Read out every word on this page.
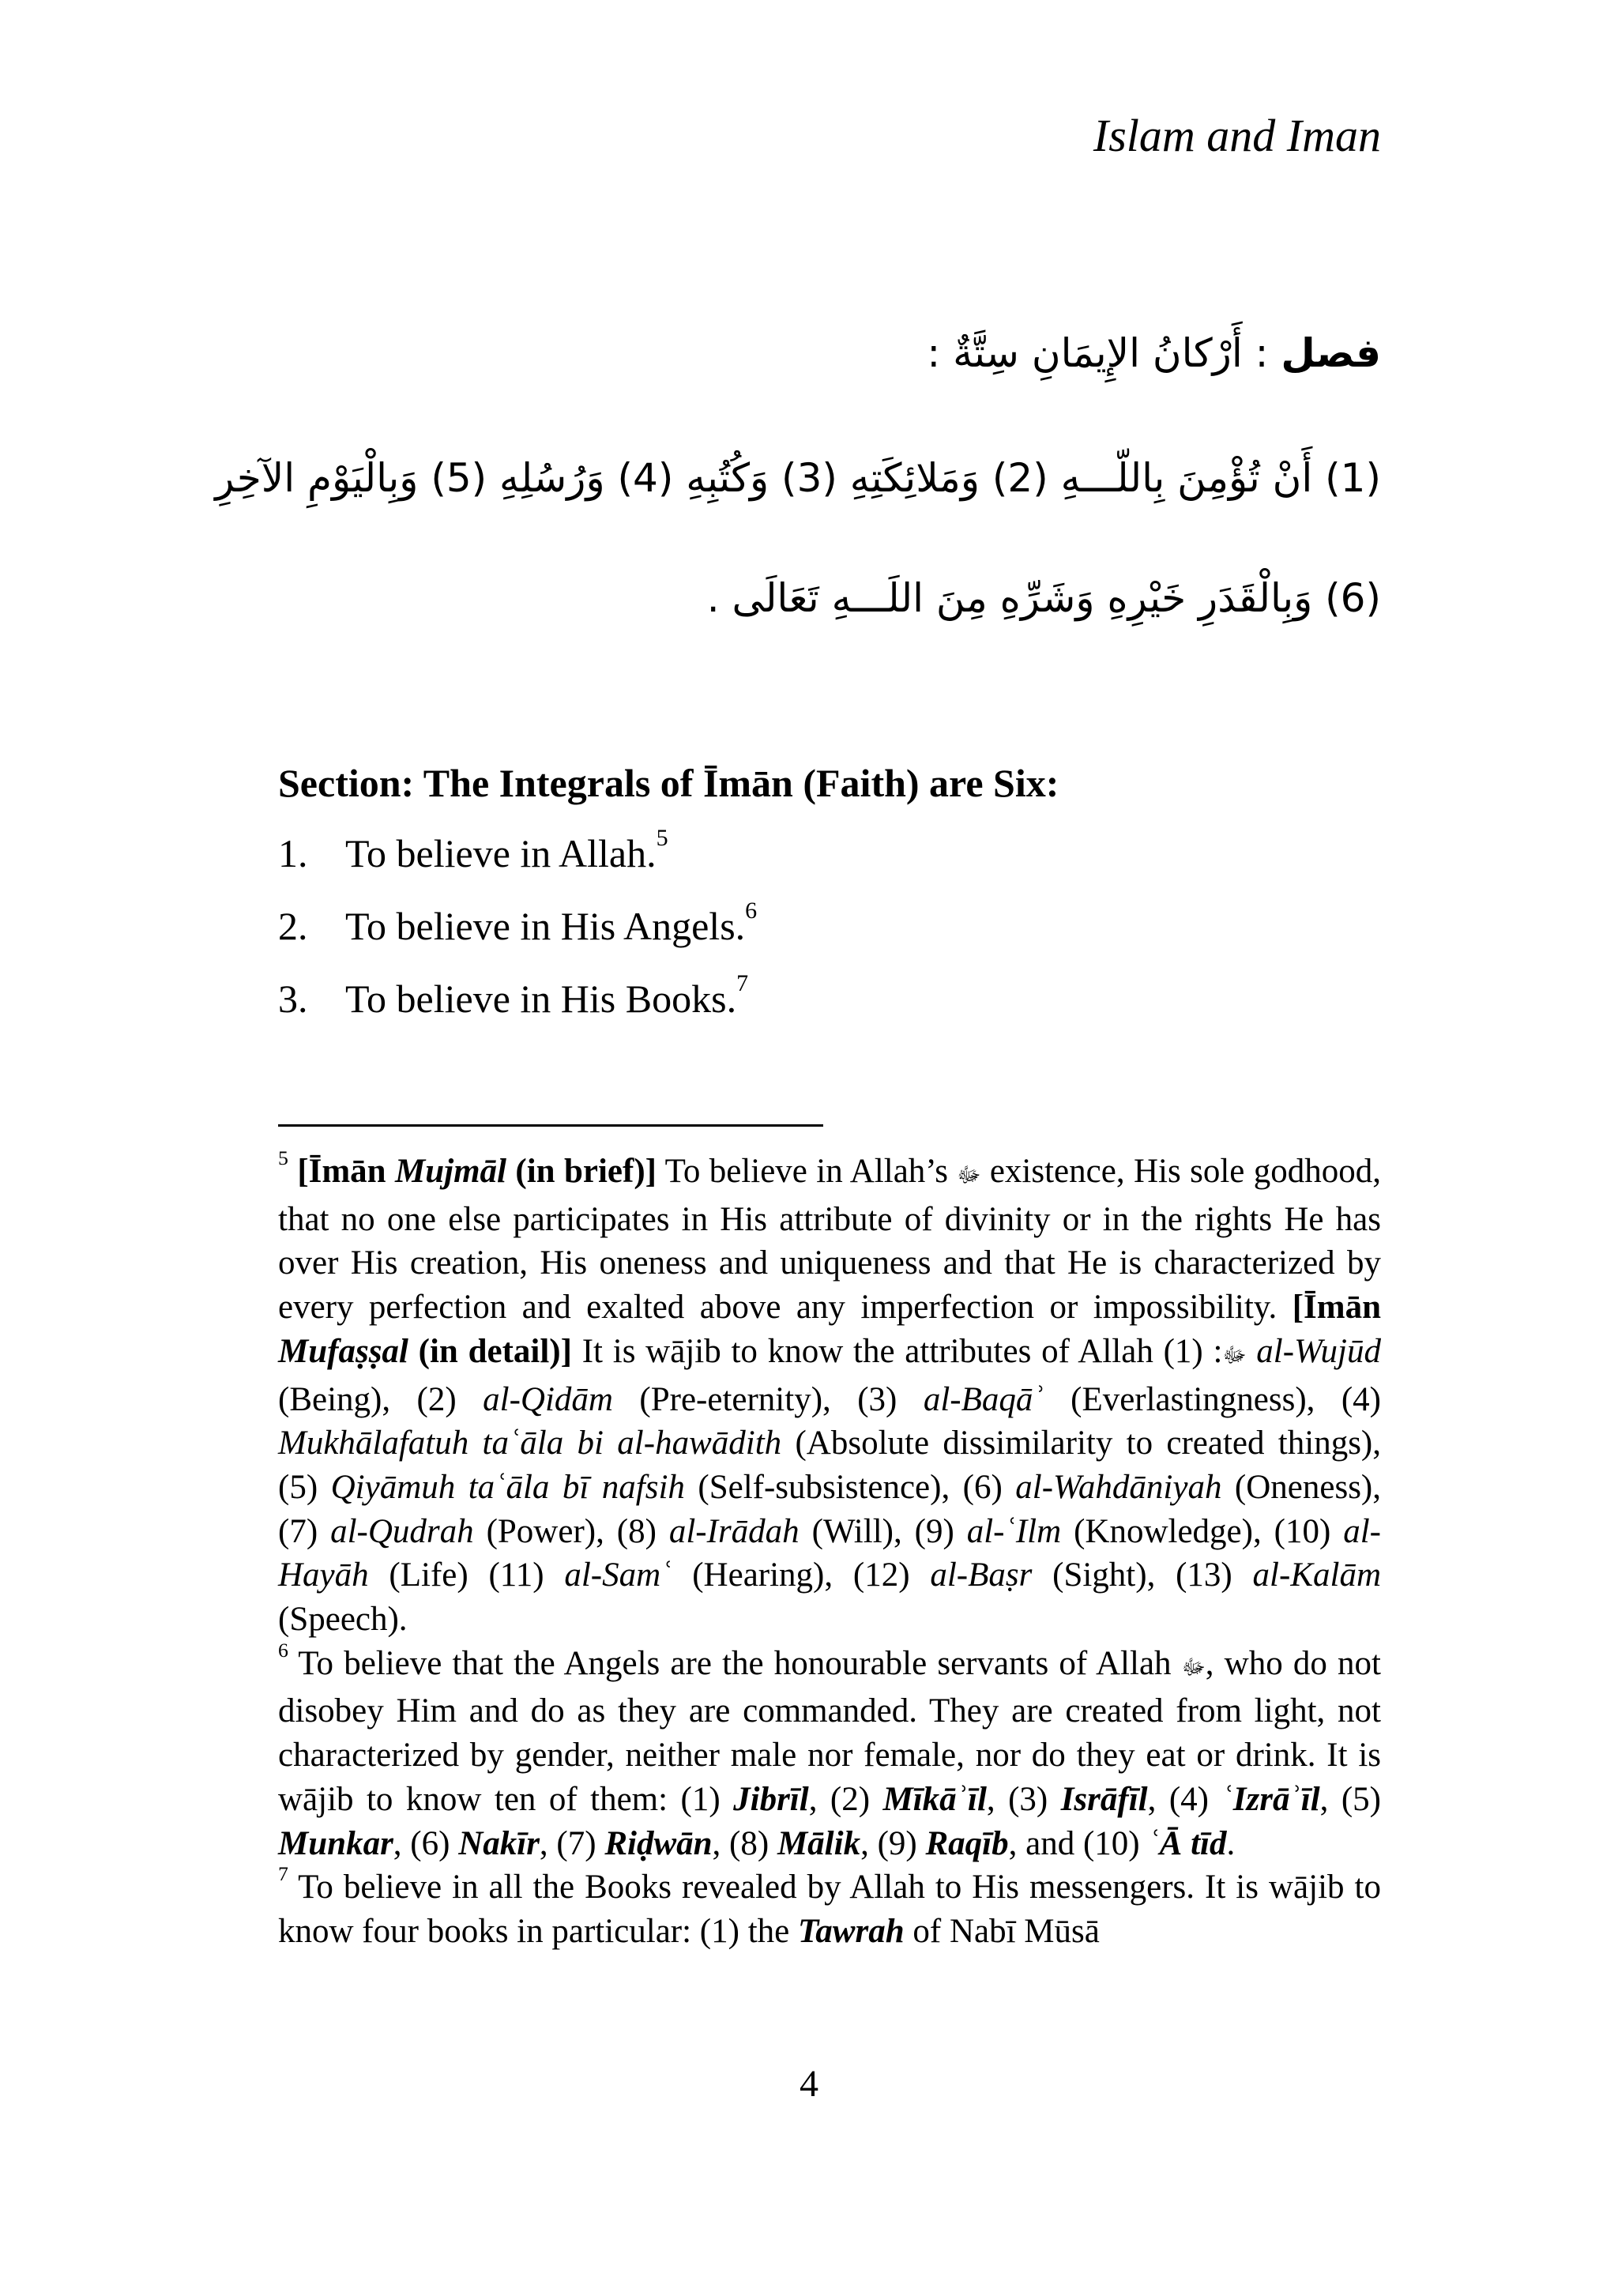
Islam and Iman
فصل : أَرْكانُ الإِيمَانِ سِتَّةٌ :
(1) أَنْ تُؤْمِنَ بِاللّـــهِ (2) وَمَلائِكَتِهِ (3) وَكُتُبِهِ (4) وَرُسُلِهِ (5) وَبِالْيَوْمِ الآخِرِ
(6) وَبِالْقَدَرِ خَيْرِهِ وَشَرِّهِ مِنَ اللَـــهِ تَعَالَى .
Section: The Integrals of Īmān (Faith) are Six:
1. To believe in Allah.$^5$
2. To believe in His Angels.$^6$
3. To believe in His Books.$^7$

$^5$ [Īmān Mujmāl (in brief)] To believe in Allah’s ﷻ existence, His sole godhood, that no one else participates in His attribute of divinity or in the rights He has over His creation, His oneness and uniqueness and that He is characterized by every perfection and exalted above any imperfection or impossibility. [Īmān Mufaṣṣal (in detail)] It is wājib to know the attributes of Allah	ﷻ: (1) al-Wujūd (Being), (2) al-Qidām (Pre-eternity), (3) al-Baqāʾ (Everlastingness), (4) Mukhālafatuh taʿāla bi al-hawādith (Absolute dissimilarity to created things), (5) Qiyāmuh taʿāla bī nafsih (Self-subsistence), (6) al-Wahdāniyah (Oneness), (7) al-Qudrah (Power), (8) al-Irādah (Will), (9) al-ʿIlm (Knowledge), (10) al-Hayāh (Life) (11) al-Samʿ (Hearing), (12) al-Baṣr (Sight), (13) al-Kalām (Speech).

$^6$ To believe that the Angels are the honourable servants of Allah ﷻ, who do not disobey Him and do as they are commanded. They are created from light, not characterized by gender, neither male nor female, nor do they eat or drink. It is wājib to know ten of them: (1) Jibrīl, (2) Mīkāʾīl, (3) Isrāfīl, (4) ʿIzrāʾīl, (5) Munkar, (6) Nakīr, (7) Riḍwān, (8) Mālik, (9) Raqīb, and (10) ʿĀ tīd.

$^7$ To believe in all the Books revealed by Allah to His messengers. It is wājib to know four books in particular: (1) the Tawrah of Nabī Mūsā

4
